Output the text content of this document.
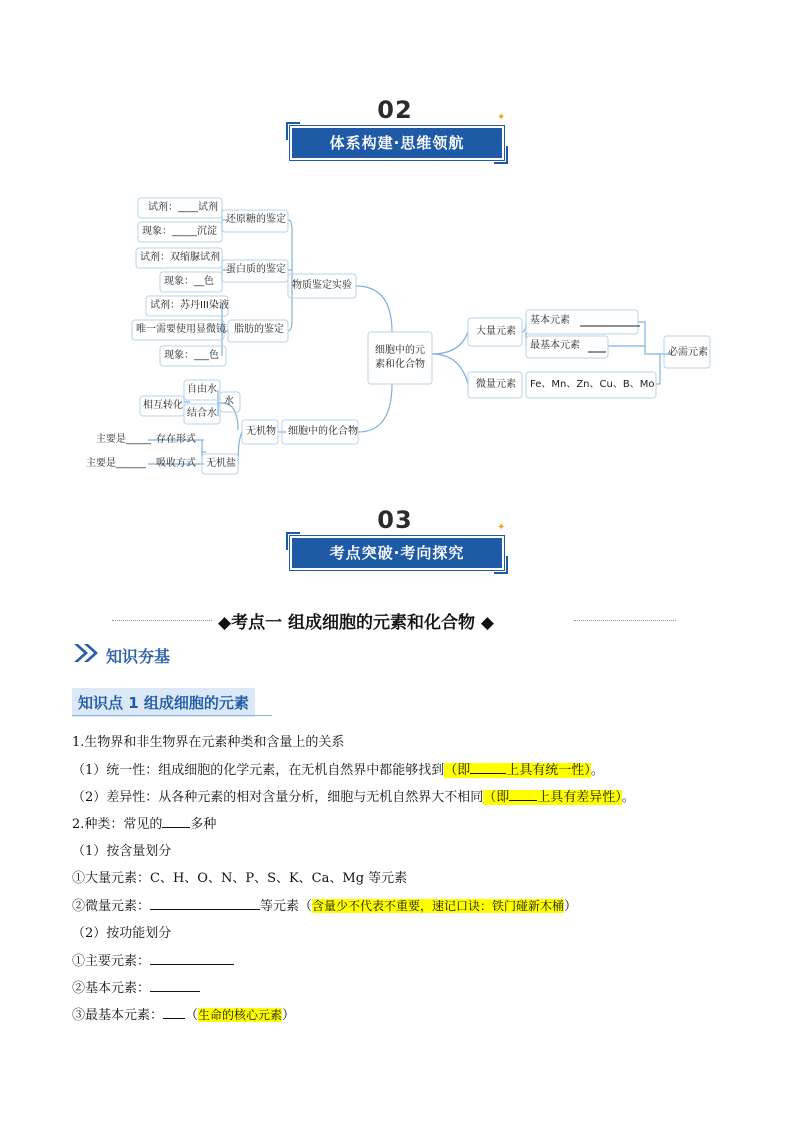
02
体系构建·思维领航
✦
试剂：____试剂
现象：_____沉淀
还原糖的鉴定
试剂：双缩脲试剂
现象：__色
蛋白质的鉴定
试剂：苏丹III染液
唯一需要使用显微镜 脂肪的鉴定
现象：___色
物质鉴定实验
自由水
相互转化
结合水
水
主要是_____ 存在形式
主要是______ 吸收方式
无机物
无机盐
细胞中的化合物
细胞中的元素和化合物
大量元素
基本元素
最基本元素
微量元素 Fe、Mn、Zn、Cu、B、Mo
必需元素
03
考点突破·考向探究
✦
◆考点一 组成细胞的元素和化合物 ◆
知识夯基
知识点 1 组成细胞的元素
1.生物界和非生物界在元素种类和含量上的关系
（1）统一性：组成细胞的化学元素，在无机自然界中都能够找到（即	上具有统一性）。
（2）差异性：从各种元素的相对含量分析，细胞与无机自然界大不相同（即 上具有差异性）。
2.种类：常见的 多种
（1）按含量划分
①大量元素：C、H、O、N、P、S、K、Ca、Mg 等元素
②微量元素：	等元素（含量少不代表不重要，速记口诀：铁门碰新木桶）
（2）按功能划分
①主要元素：
②基本元素：
③最基本元素： （生命的核心元素）
